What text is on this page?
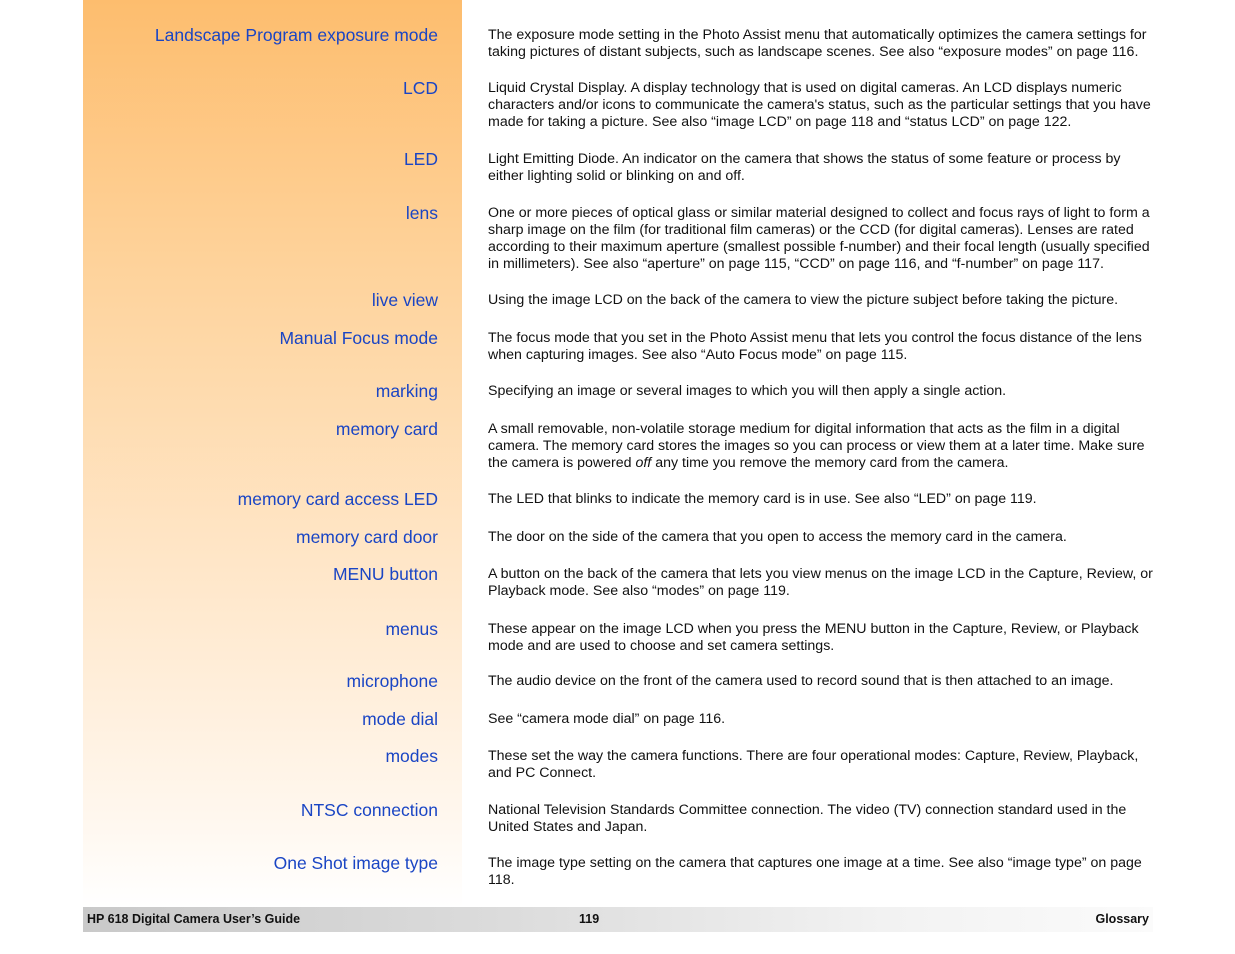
Landscape Program exposure mode	The exposure mode setting in the Photo Assist menu that automatically optimizes the camera settings for taking pictures of distant subjects, such as landscape scenes. See also “exposure modes” on page 116.
LCD	Liquid Crystal Display. A display technology that is used on digital cameras. An LCD displays numeric characters and/or icons to communicate the camera's status, such as the particular settings that you have made for taking a picture. See also “image LCD” on page 118 and “status LCD” on page 122.
LED	Light Emitting Diode. An indicator on the camera that shows the status of some feature or process by either lighting solid or blinking on and off.
lens	One or more pieces of optical glass or similar material designed to collect and focus rays of light to form a sharp image on the film (for traditional film cameras) or the CCD (for digital cameras). Lenses are rated according to their maximum aperture (smallest possible f-number) and their focal length (usually specified in millimeters). See also “aperture” on page 115, “CCD” on page 116, and “f-number” on page 117.
live view	Using the image LCD on the back of the camera to view the picture subject before taking the picture.
Manual Focus mode	The focus mode that you set in the Photo Assist menu that lets you control the focus distance of the lens when capturing images. See also “Auto Focus mode” on page 115.
marking	Specifying an image or several images to which you will then apply a single action.
memory card	A small removable, non-volatile storage medium for digital information that acts as the film in a digital camera. The memory card stores the images so you can process or view them at a later time. Make sure the camera is powered off any time you remove the memory card from the camera.
memory card access LED	The LED that blinks to indicate the memory card is in use. See also “LED” on page 119.
memory card door	The door on the side of the camera that you open to access the memory card in the camera.
MENU button	A button on the back of the camera that lets you view menus on the image LCD in the Capture, Review, or Playback mode. See also “modes” on page 119.
menus	These appear on the image LCD when you press the MENU button in the Capture, Review, or Playback mode and are used to choose and set camera settings.
microphone	The audio device on the front of the camera used to record sound that is then attached to an image.
mode dial	See “camera mode dial” on page 116.
modes	These set the way the camera functions. There are four operational modes: Capture, Review, Playback, and PC Connect.
NTSC connection	National Television Standards Committee connection. The video (TV) connection standard used in the United States and Japan.
One Shot image type	The image type setting on the camera that captures one image at a time. See also “image type” on page 118.
HP 618 Digital Camera User’s Guide	119	Glossary
